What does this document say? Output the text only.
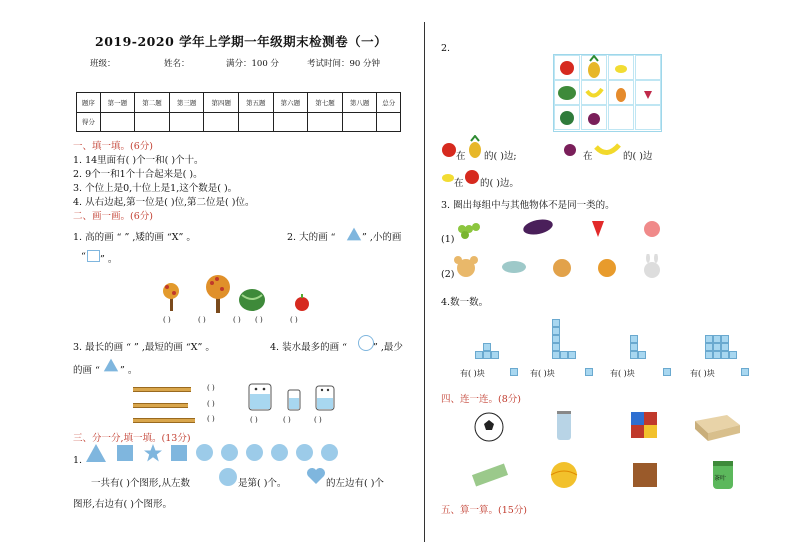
2019-2020 学年上学期一年级期末检测卷（一）
班级：	姓名：	满分：100 分	考试时间：90 分钟
题序	第一题	第二题	第三题	第四题	第五题	第六题	第七题	第八题	总分
得分									
一、填一填。(6分)
1. 14里面有( )个一和( )个十。
2. 9个一和1个十合起来是( )。
3. 个位上是0,十位上是1,这个数是( )。
4. 从右边起,第一位是( )位,第二位是( )位。
二、画一画。(6分)
1. 高的画 “ ” ,矮的画 “X” 。	2. 大的画 “	” ,小的画
“ ” 。
( )	( )	( ) ( )	( )
3. 最长的画 “ ” ,最短的画 “X” 。	4. 装水最多的画 “	” ,最少
的画 “ ” 。
( )
( )
( )	( )	( )	( )
三、分一分,填一填。(13分)
1.
一共有( )个图形,从左数	是第( )个。	的左边有( )个
图形,右边有( )个图形。
2.
在 的( )边;	在	的( )边
在 的( )边。
3. 圈出每组中与其他物体不是同一类的。
(1)
(2)
4.数一数。
有( )块	有( )块	有( )块	有( )块
四、连一连。(8分)
茶叶
五、算一算。(15分)
